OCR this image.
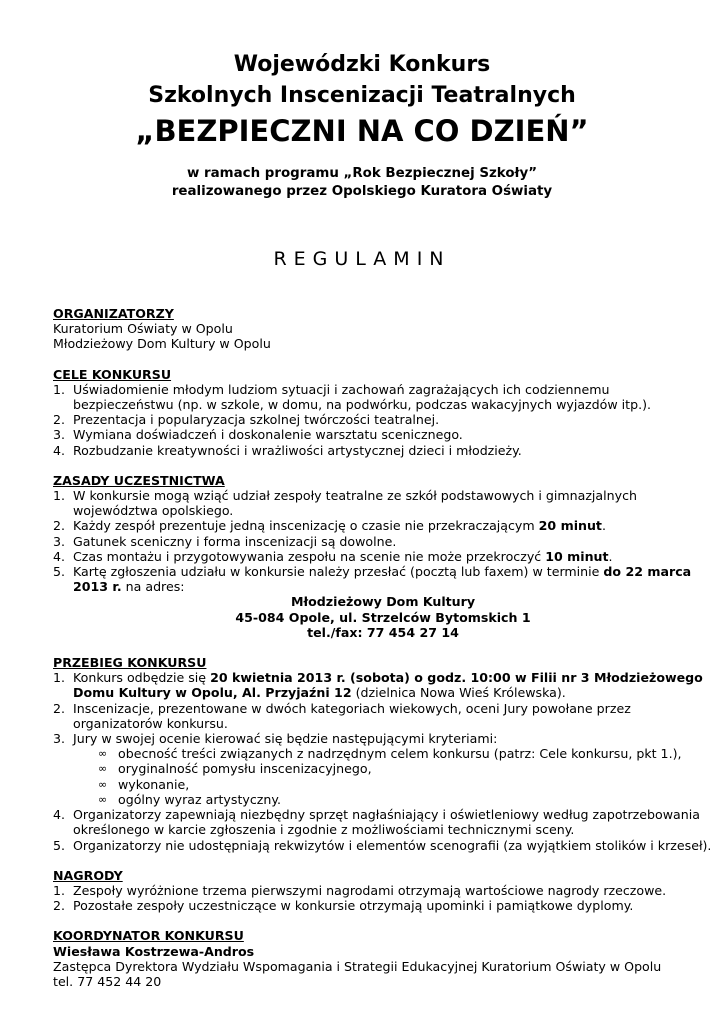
Wojewódzki Konkurs
Szkolnych Inscenizacji Teatralnych
„BEZPIECZNI NA CO DZIEŃ”
w ramach programu „Rok Bezpiecznej Szkoły”
realizowanego przez Opolskiego Kuratora Oświaty
REGULAMIN
ORGANIZATORZY
Kuratorium Oświaty w Opolu
Młodzieżowy Dom Kultury w Opolu
CELE KONKURSU
1. Uświadomienie młodym ludziom sytuacji i zachowań zagrażających ich codziennemu bezpieczeństwu (np. w szkole, w domu, na podwórku, podczas wakacyjnych wyjazdów itp.).
2. Prezentacja i popularyzacja szkolnej twórczości teatralnej.
3. Wymiana doświadczeń i doskonalenie warsztatu scenicznego.
4. Rozbudzanie kreatywności i wrażliwości artystycznej dzieci i młodzieży.
ZASADY UCZESTNICTWA
1. W konkursie mogą wziąć udział zespoły teatralne ze szkół podstawowych i gimnazjalnych województwa opolskiego.
2. Każdy zespół prezentuje jedną inscenizację o czasie nie przekraczającym 20 minut.
3. Gatunek sceniczny i forma inscenizacji są dowolne.
4. Czas montażu i przygotowywania zespołu na scenie nie może przekroczyć 10 minut.
5. Kartę zgłoszenia udziału w konkursie należy przesłać (pocztą lub faxem) w terminie do 22 marca 2013 r. na adres:
Młodzieżowy Dom Kultury
45-084 Opole, ul. Strzelców Bytomskich 1
tel./fax: 77 454 27 14
PRZEBIEG KONKURSU
1. Konkurs odbędzie się 20 kwietnia 2013 r. (sobota) o godz. 10:00 w Filii nr 3 Młodzieżowego Domu Kultury w Opolu, Al. Przyjaźni 12 (dzielnica Nowa Wieś Królewska).
2. Inscenizacje, prezentowane w dwóch kategoriach wiekowych, oceni Jury powołane przez organizatorów konkursu.
3. Jury w swojej ocenie kierować się będzie następującymi kryteriami:
∞ obecność treści związanych z nadrzędnym celem konkursu (patrz: Cele konkursu, pkt 1.),
∞ oryginalność pomysłu inscenizacyjnego,
∞ wykonanie,
∞ ogólny wyraz artystyczny.
4. Organizatorzy zapewniają niezbędny sprzęt nagłaśniający i oświetleniowy według zapotrzebowania określonego w karcie zgłoszenia i zgodnie z możliwościami technicznymi sceny.
5. Organizatorzy nie udostępniają rekwizytów i elementów scenografii (za wyjątkiem stolików i krzeseł).
NAGRODY
1. Zespoły wyróżnione trzema pierwszymi nagrodami otrzymają wartościowe nagrody rzeczowe.
2. Pozostałe zespoły uczestniczące w konkursie otrzymają upominki i pamiątkowe dyplomy.
KOORDYNATOR KONKURSU
Wiesława Kostrzewa-Andros
Zastępca Dyrektora Wydziału Wspomagania i Strategii Edukacyjnej Kuratorium Oświaty w Opolu
tel. 77 452 44 20
